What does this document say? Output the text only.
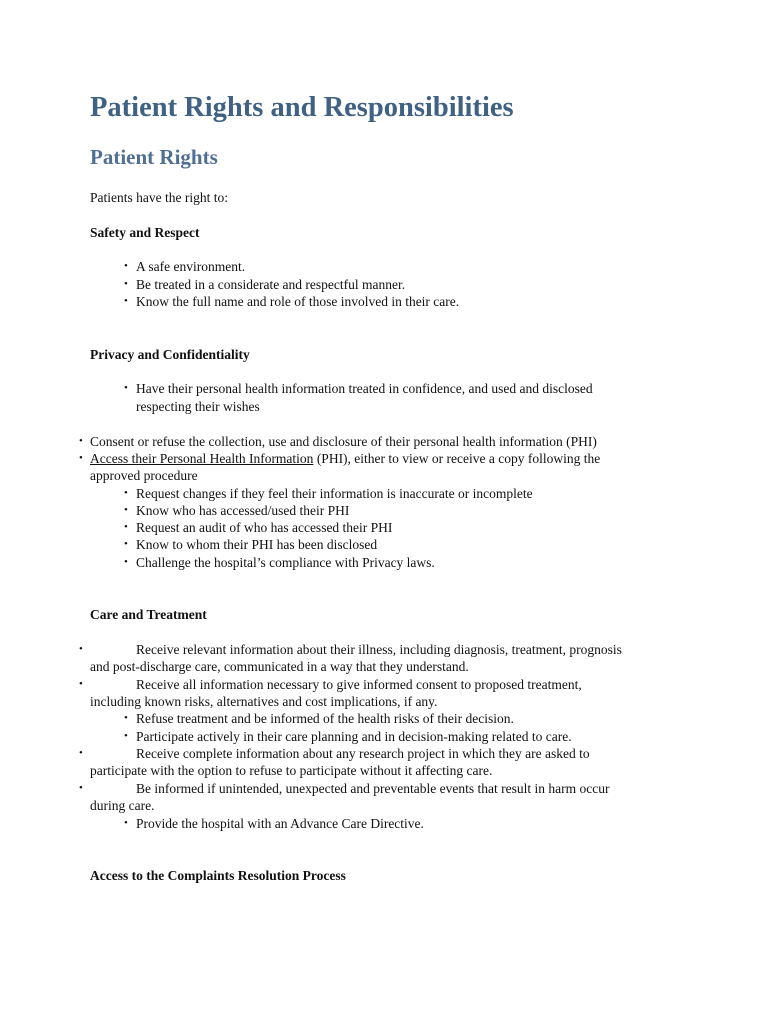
Patient Rights and Responsibilities
Patient Rights
Patients have the right to:
Safety and Respect
• A safe environment.
• Be treated in a considerate and respectful manner.
• Know the full name and role of those involved in their care.
Privacy and Confidentiality
• Have their personal health information treated in confidence, and used and disclosed
respecting their wishes
• Consent or refuse the collection, use and disclosure of their personal health information (PHI)
• Access their Personal Health Information (PHI), either to view or receive a copy following the
approved procedure
• Request changes if they feel their information is inaccurate or incomplete
• Know who has accessed/used their PHI
• Request an audit of who has accessed their PHI
• Know to whom their PHI has been disclosed
• Challenge the hospital’s compliance with Privacy laws.
Care and Treatment
•	Receive relevant information about their illness, including diagnosis, treatment, prognosis
and post-discharge care, communicated in a way that they understand.
•	Receive all information necessary to give informed consent to proposed treatment,
including known risks, alternatives and cost implications, if any.
• Refuse treatment and be informed of the health risks of their decision.
• Participate actively in their care planning and in decision-making related to care.
•	Receive complete information about any research project in which they are asked to
participate with the option to refuse to participate without it affecting care.
•	Be informed if unintended, unexpected and preventable events that result in harm occur
during care.
• Provide the hospital with an Advance Care Directive.
Access to the Complaints Resolution Process
